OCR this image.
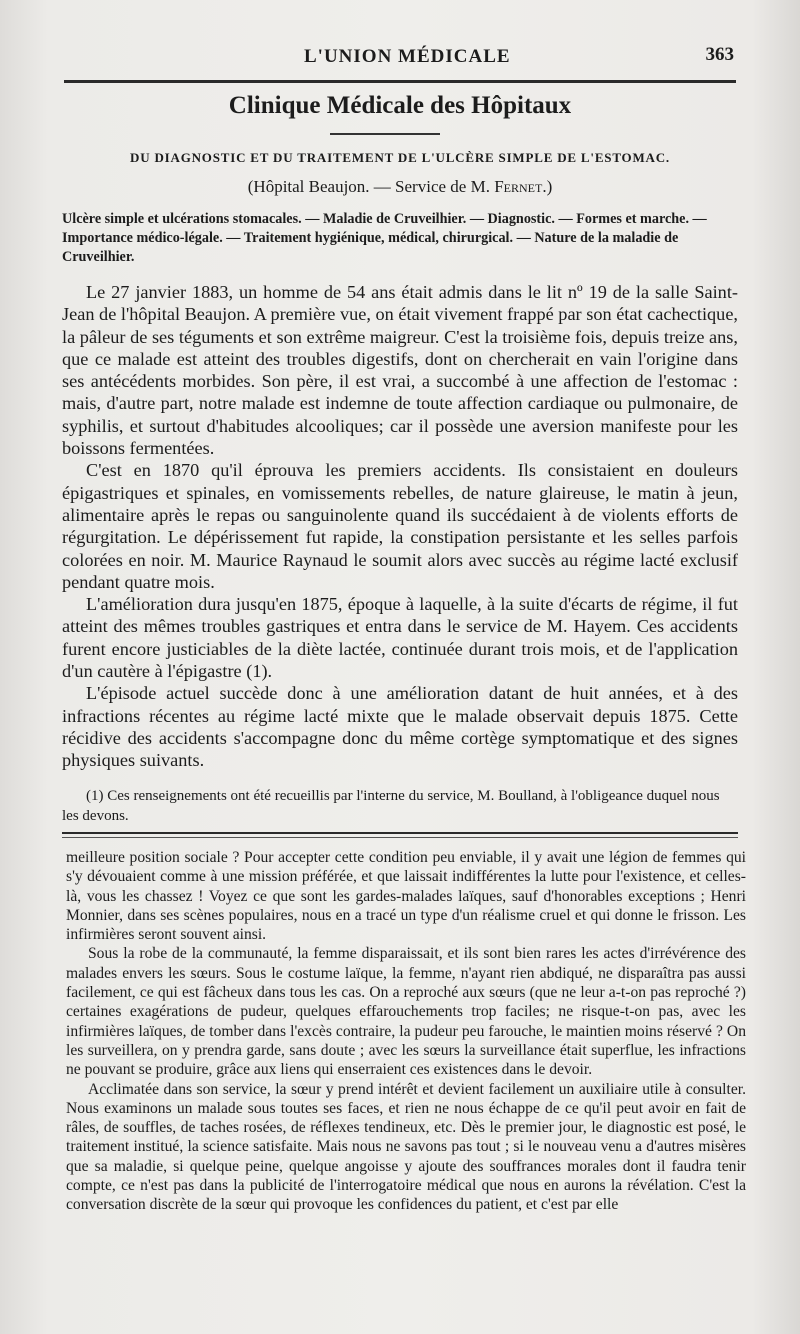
L'UNION MÉDICALE	363
Clinique Médicale des Hôpitaux
DU DIAGNOSTIC ET DU TRAITEMENT DE L'ULCÈRE SIMPLE DE L'ESTOMAC.
(Hôpital Beaujon. — Service de M. Fernet.)

Ulcère simple et ulcérations stomacales. — Maladie de Cruveilhier. — Diagnostic. — Formes et marche. — Importance médico-légale. — Traitement hygiénique, médical, chirurgical. — Nature de la maladie de Cruveilhier.

Le 27 janvier 1883, un homme de 54 ans était admis dans le lit nº 19 de la salle Saint-Jean de l'hôpital Beaujon. A première vue, on était vivement frappé par son état cachectique, la pâleur de ses téguments et son extrême maigreur. C'est la troisième fois, depuis treize ans, que ce malade est atteint des troubles digestifs, dont on chercherait en vain l'origine dans ses antécédents morbides. Son père, il est vrai, a succombé à une affection de l'estomac : mais, d'autre part, notre malade est indemne de toute affection cardiaque ou pulmonaire, de syphilis, et surtout d'habitudes alcooliques; car il possède une aversion manifeste pour les boissons fermentées.

C'est en 1870 qu'il éprouva les premiers accidents. Ils consistaient en douleurs épigastriques et spinales, en vomissements rebelles, de nature glaireuse, le matin à jeun, alimentaire après le repas ou sanguinolente quand ils succédaient à de violents efforts de régurgitation. Le dépérissement fut rapide, la constipation persistante et les selles parfois colorées en noir. M. Maurice Raynaud le soumit alors avec succès au régime lacté exclusif pendant quatre mois.

L'amélioration dura jusqu'en 1875, époque à laquelle, à la suite d'écarts de régime, il fut atteint des mêmes troubles gastriques et entra dans le service de M. Hayem. Ces accidents furent encore justiciables de la diète lactée, continuée durant trois mois, et de l'application d'un cautère à l'épigastre (1).

L'épisode actuel succède donc à une amélioration datant de huit années, et à des infractions récentes au régime lacté mixte que le malade observait depuis 1875. Cette récidive des accidents s'accompagne donc du même cortège symptomatique et des signes physiques suivants.

(1) Ces renseignements ont été recueillis par l'interne du service, M. Boulland, à l'obligeance duquel nous les devons.

meilleure position sociale ? Pour accepter cette condition peu enviable, il y avait une légion de femmes qui s'y dévouaient comme à une mission préférée, et que laissait indifférentes la lutte pour l'existence, et celles-là, vous les chassez ! Voyez ce que sont les gardes-malades laïques, sauf d'honorables exceptions ; Henri Monnier, dans ses scènes populaires, nous en a tracé un type d'un réalisme cruel et qui donne le frisson. Les infirmières seront souvent ainsi.

Sous la robe de la communauté, la femme disparaissait, et ils sont bien rares les actes d'irrévérence des malades envers les sœurs. Sous le costume laïque, la femme, n'ayant rien abdiqué, ne disparaîtra pas aussi facilement, ce qui est fâcheux dans tous les cas. On a reproché aux sœurs (que ne leur a-t-on pas reproché ?) certaines exagérations de pudeur, quelques effarouchements trop faciles; ne risque-t-on pas, avec les infirmières laïques, de tomber dans l'excès contraire, la pudeur peu farouche, le maintien moins réservé ? On les surveillera, on y prendra garde, sans doute ; avec les sœurs la surveillance était superflue, les infractions ne pouvant se produire, grâce aux liens qui enserraient ces existences dans le devoir.

Acclimatée dans son service, la sœur y prend intérêt et devient facilement un auxiliaire utile à consulter. Nous examinons un malade sous toutes ses faces, et rien ne nous échappe de ce qu'il peut avoir en fait de râles, de souffles, de taches rosées, de réflexes tendineux, etc. Dès le premier jour, le diagnostic est posé, le traitement institué, la science satisfaite. Mais nous ne savons pas tout ; si le nouveau venu a d'autres misères que sa maladie, si quelque peine, quelque angoisse y ajoute des souffrances morales dont il faudra tenir compte, ce n'est pas dans la publicité de l'interrogatoire médical que nous en aurons la révélation. C'est la conversation discrète de la sœur qui provoque les confidences du patient, et c'est par elle
